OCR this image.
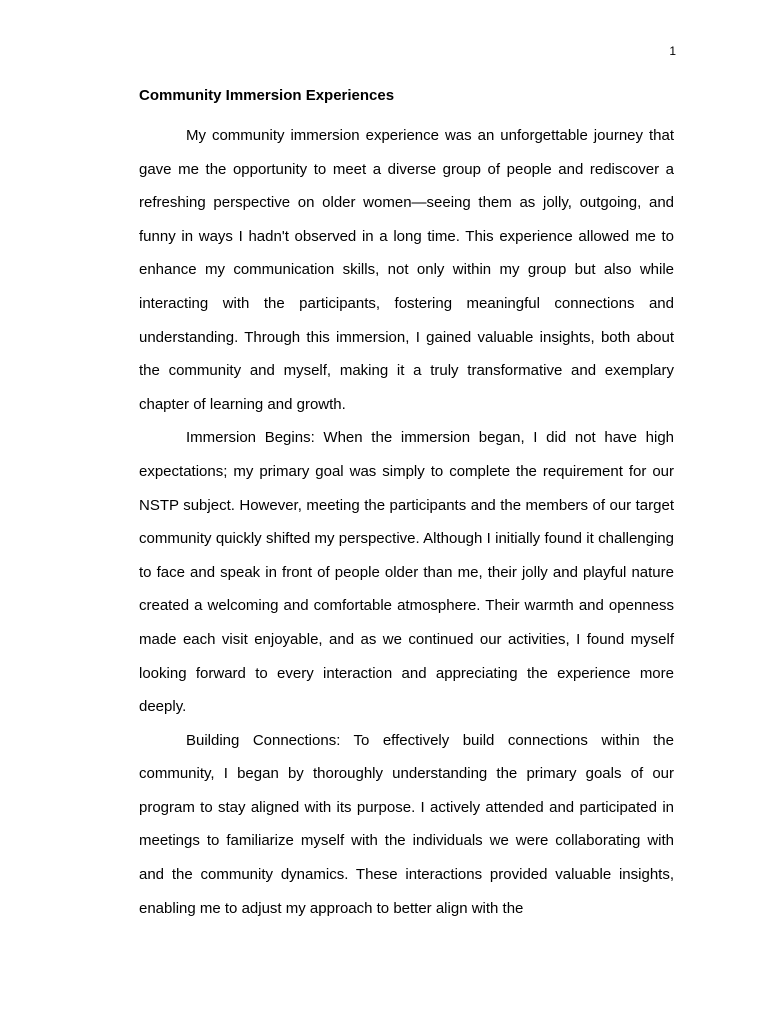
1
Community Immersion Experiences

My community immersion experience was an unforgettable journey that gave me the opportunity to meet a diverse group of people and rediscover a refreshing perspective on older women—seeing them as jolly, outgoing, and funny in ways I hadn't observed in a long time. This experience allowed me to enhance my communication skills, not only within my group but also while interacting with the participants, fostering meaningful connections and understanding. Through this immersion, I gained valuable insights, both about the community and myself, making it a truly transformative and exemplary chapter of learning and growth.

Immersion Begins: When the immersion began, I did not have high expectations; my primary goal was simply to complete the requirement for our NSTP subject. However, meeting the participants and the members of our target community quickly shifted my perspective. Although I initially found it challenging to face and speak in front of people older than me, their jolly and playful nature created a welcoming and comfortable atmosphere. Their warmth and openness made each visit enjoyable, and as we continued our activities, I found myself looking forward to every interaction and appreciating the experience more deeply.

Building Connections: To effectively build connections within the community, I began by thoroughly understanding the primary goals of our program to stay aligned with its purpose. I actively attended and participated in meetings to familiarize myself with the individuals we were collaborating with and the community dynamics. These interactions provided valuable insights, enabling me to adjust my approach to better align with the
